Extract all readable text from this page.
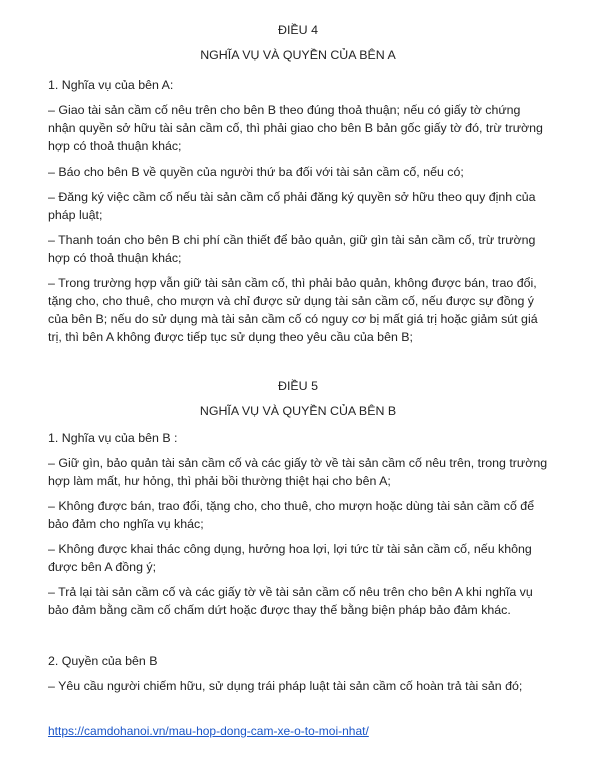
ĐIỀU 4
NGHĨA VỤ VÀ QUYỀN CỦA BÊN A

1. Nghĩa vụ của bên A:

– Giao tài sản cầm cố nêu trên cho bên B theo đúng thoả thuận; nếu có giấy tờ chứng nhận quyền sở hữu tài sản cầm cố, thì phải giao cho bên B bản gốc giấy tờ đó, trừ trường hợp có thoả thuận khác;

– Báo cho bên B về quyền của người thứ ba đối với tài sản cầm cố, nếu có;

– Đăng ký việc cầm cố nếu tài sản cầm cố phải đăng ký quyền sở hữu theo quy định của pháp luật;

– Thanh toán cho bên B chi phí cần thiết để bảo quản, giữ gìn tài sản cầm cố, trừ trường hợp có thoả thuận khác;

– Trong trường hợp vẫn giữ tài sản cầm cố, thì phải bảo quản, không được bán, trao đổi, tặng cho, cho thuê, cho mượn và chỉ được sử dụng tài sản cầm cố, nếu được sự đồng ý của bên B; nếu do sử dụng mà tài sản cầm cố có nguy cơ bị mất giá trị hoặc giảm sút giá trị, thì bên A không được tiếp tục sử dụng theo yêu cầu của bên B;

ĐIỀU 5
NGHĨA VỤ VÀ QUYỀN CỦA BÊN B

1. Nghĩa vụ của bên B :

– Giữ gìn, bảo quản tài sản cầm cố và các giấy tờ về tài sản cầm cố nêu trên, trong trường hợp làm mất, hư hỏng, thì phải bồi thường thiệt hại cho bên A;

– Không được bán, trao đổi, tặng cho, cho thuê, cho mượn hoặc dùng tài sản cầm cố để bảo đảm cho nghĩa vụ khác;

– Không được khai thác công dụng, hưởng hoa lợi, lợi tức từ tài sản cầm cố, nếu không được bên A đồng ý;

– Trả lại tài sản cầm cố và các giấy tờ về tài sản cầm cố nêu trên cho bên A khi nghĩa vụ bảo đảm bằng cầm cố chấm dứt hoặc được thay thế bằng biện pháp bảo đảm khác.

2. Quyền của bên B

– Yêu cầu người chiếm hữu, sử dụng trái pháp luật tài sản cầm cố hoàn trả tài sản đó;

https://camdohanoi.vn/mau-hop-dong-cam-xe-o-to-moi-nhat/
